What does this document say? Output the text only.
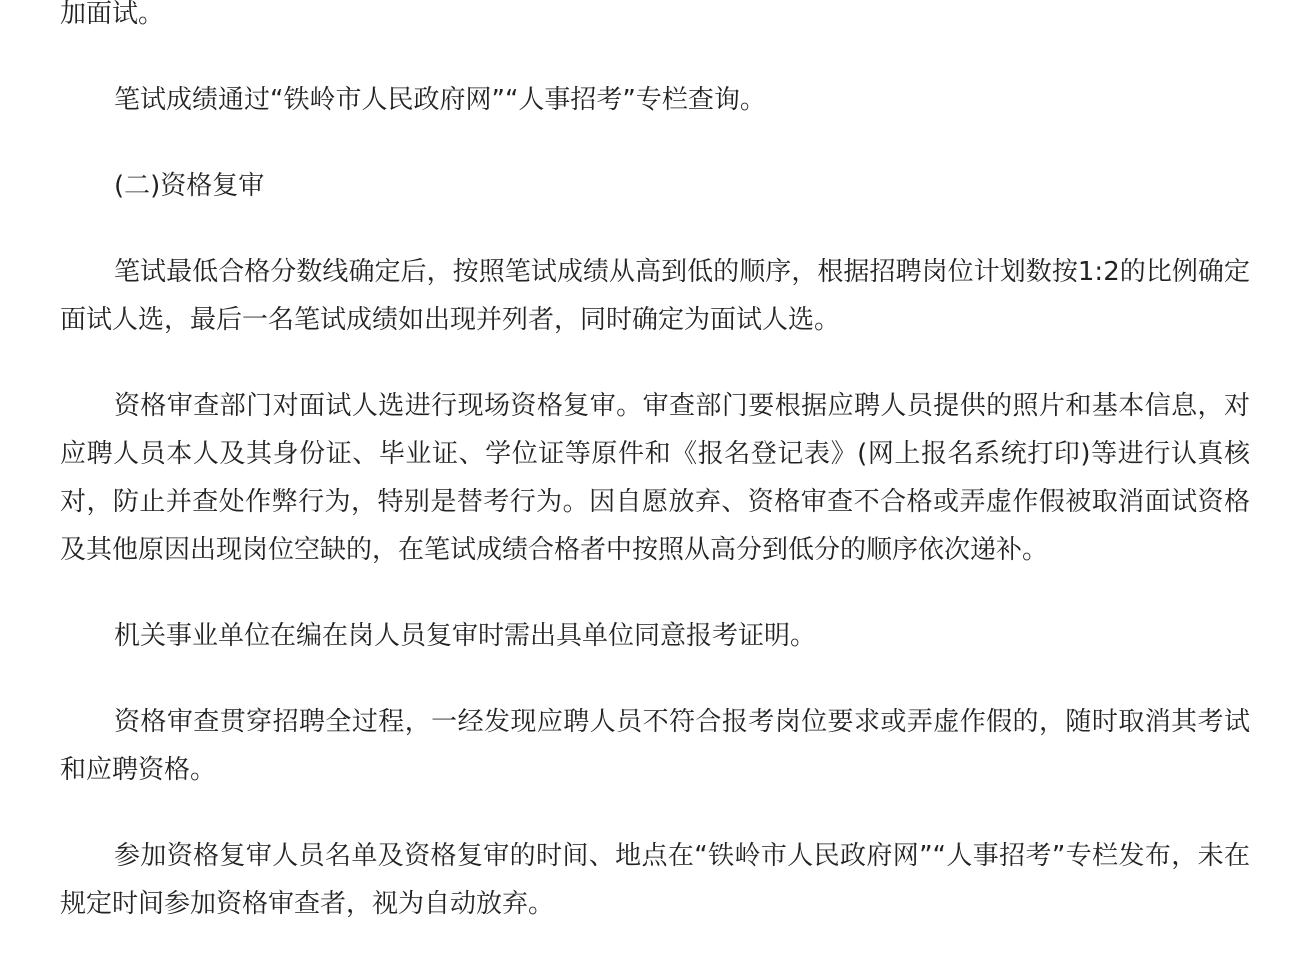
加面试。

笔试成绩通过“铁岭市人民政府网”“人事招考”专栏查询。

(二)资格复审

笔试最低合格分数线确定后，按照笔试成绩从高到低的顺序，根据招聘岗位计划数按1:2的比例确定面试人选，最后一名笔试成绩如出现并列者，同时确定为面试人选。

资格审查部门对面试人选进行现场资格复审。审查部门要根据应聘人员提供的照片和基本信息，对应聘人员本人及其身份证、毕业证、学位证等原件和《报名登记表》(网上报名系统打印)等进行认真核对，防止并查处作弊行为，特别是替考行为。因自愿放弃、资格审查不合格或弄虚作假被取消面试资格及其他原因出现岗位空缺的，在笔试成绩合格者中按照从高分到低分的顺序依次递补。

机关事业单位在编在岗人员复审时需出具单位同意报考证明。

资格审查贯穿招聘全过程，一经发现应聘人员不符合报考岗位要求或弄虚作假的，随时取消其考试和应聘资格。

参加资格复审人员名单及资格复审的时间、地点在“铁岭市人民政府网”“人事招考”专栏发布，未在规定时间参加资格审查者，视为自动放弃。
